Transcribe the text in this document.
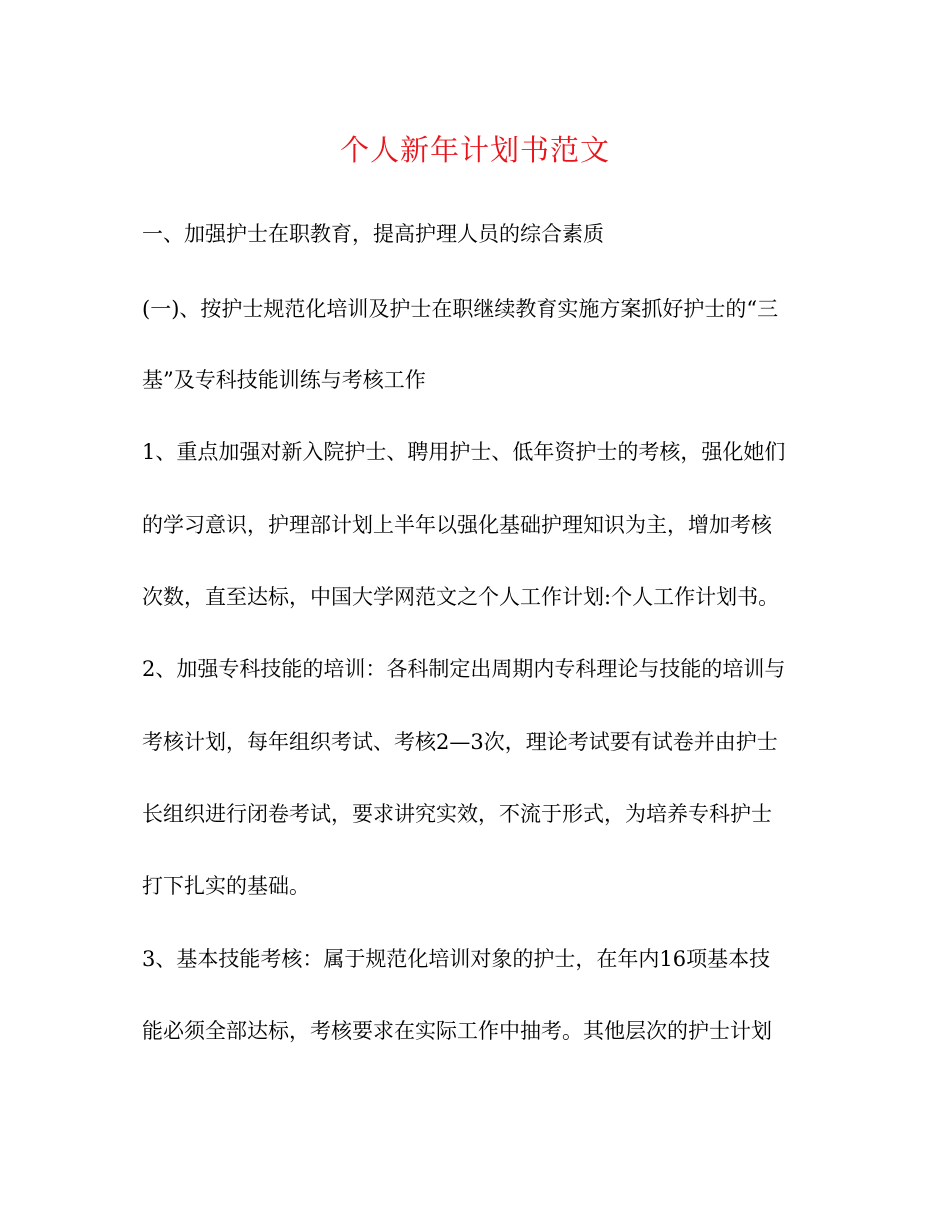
个人新年计划书范文
一、加强护士在职教育，提高护理人员的综合素质
(一)、按护士规范化培训及护士在职继续教育实施方案抓好护士的“三
基”及专科技能训练与考核工作
1、重点加强对新入院护士、聘用护士、低年资护士的考核，强化她们
的学习意识，护理部计划上半年以强化基础护理知识为主，增加考核
次数，直至达标，中国大学网范文之个人工作计划:个人工作计划书。
2、加强专科技能的培训：各科制定出周期内专科理论与技能的培训与
考核计划，每年组织考试、考核2—3次，理论考试要有试卷并由护士
长组织进行闭卷考试，要求讲究实效，不流于形式，为培养专科护士
打下扎实的基础。
3、基本技能考核：属于规范化培训对象的护士，在年内16项基本技
能必须全部达标，考核要求在实际工作中抽考。其他层次的护士计划
